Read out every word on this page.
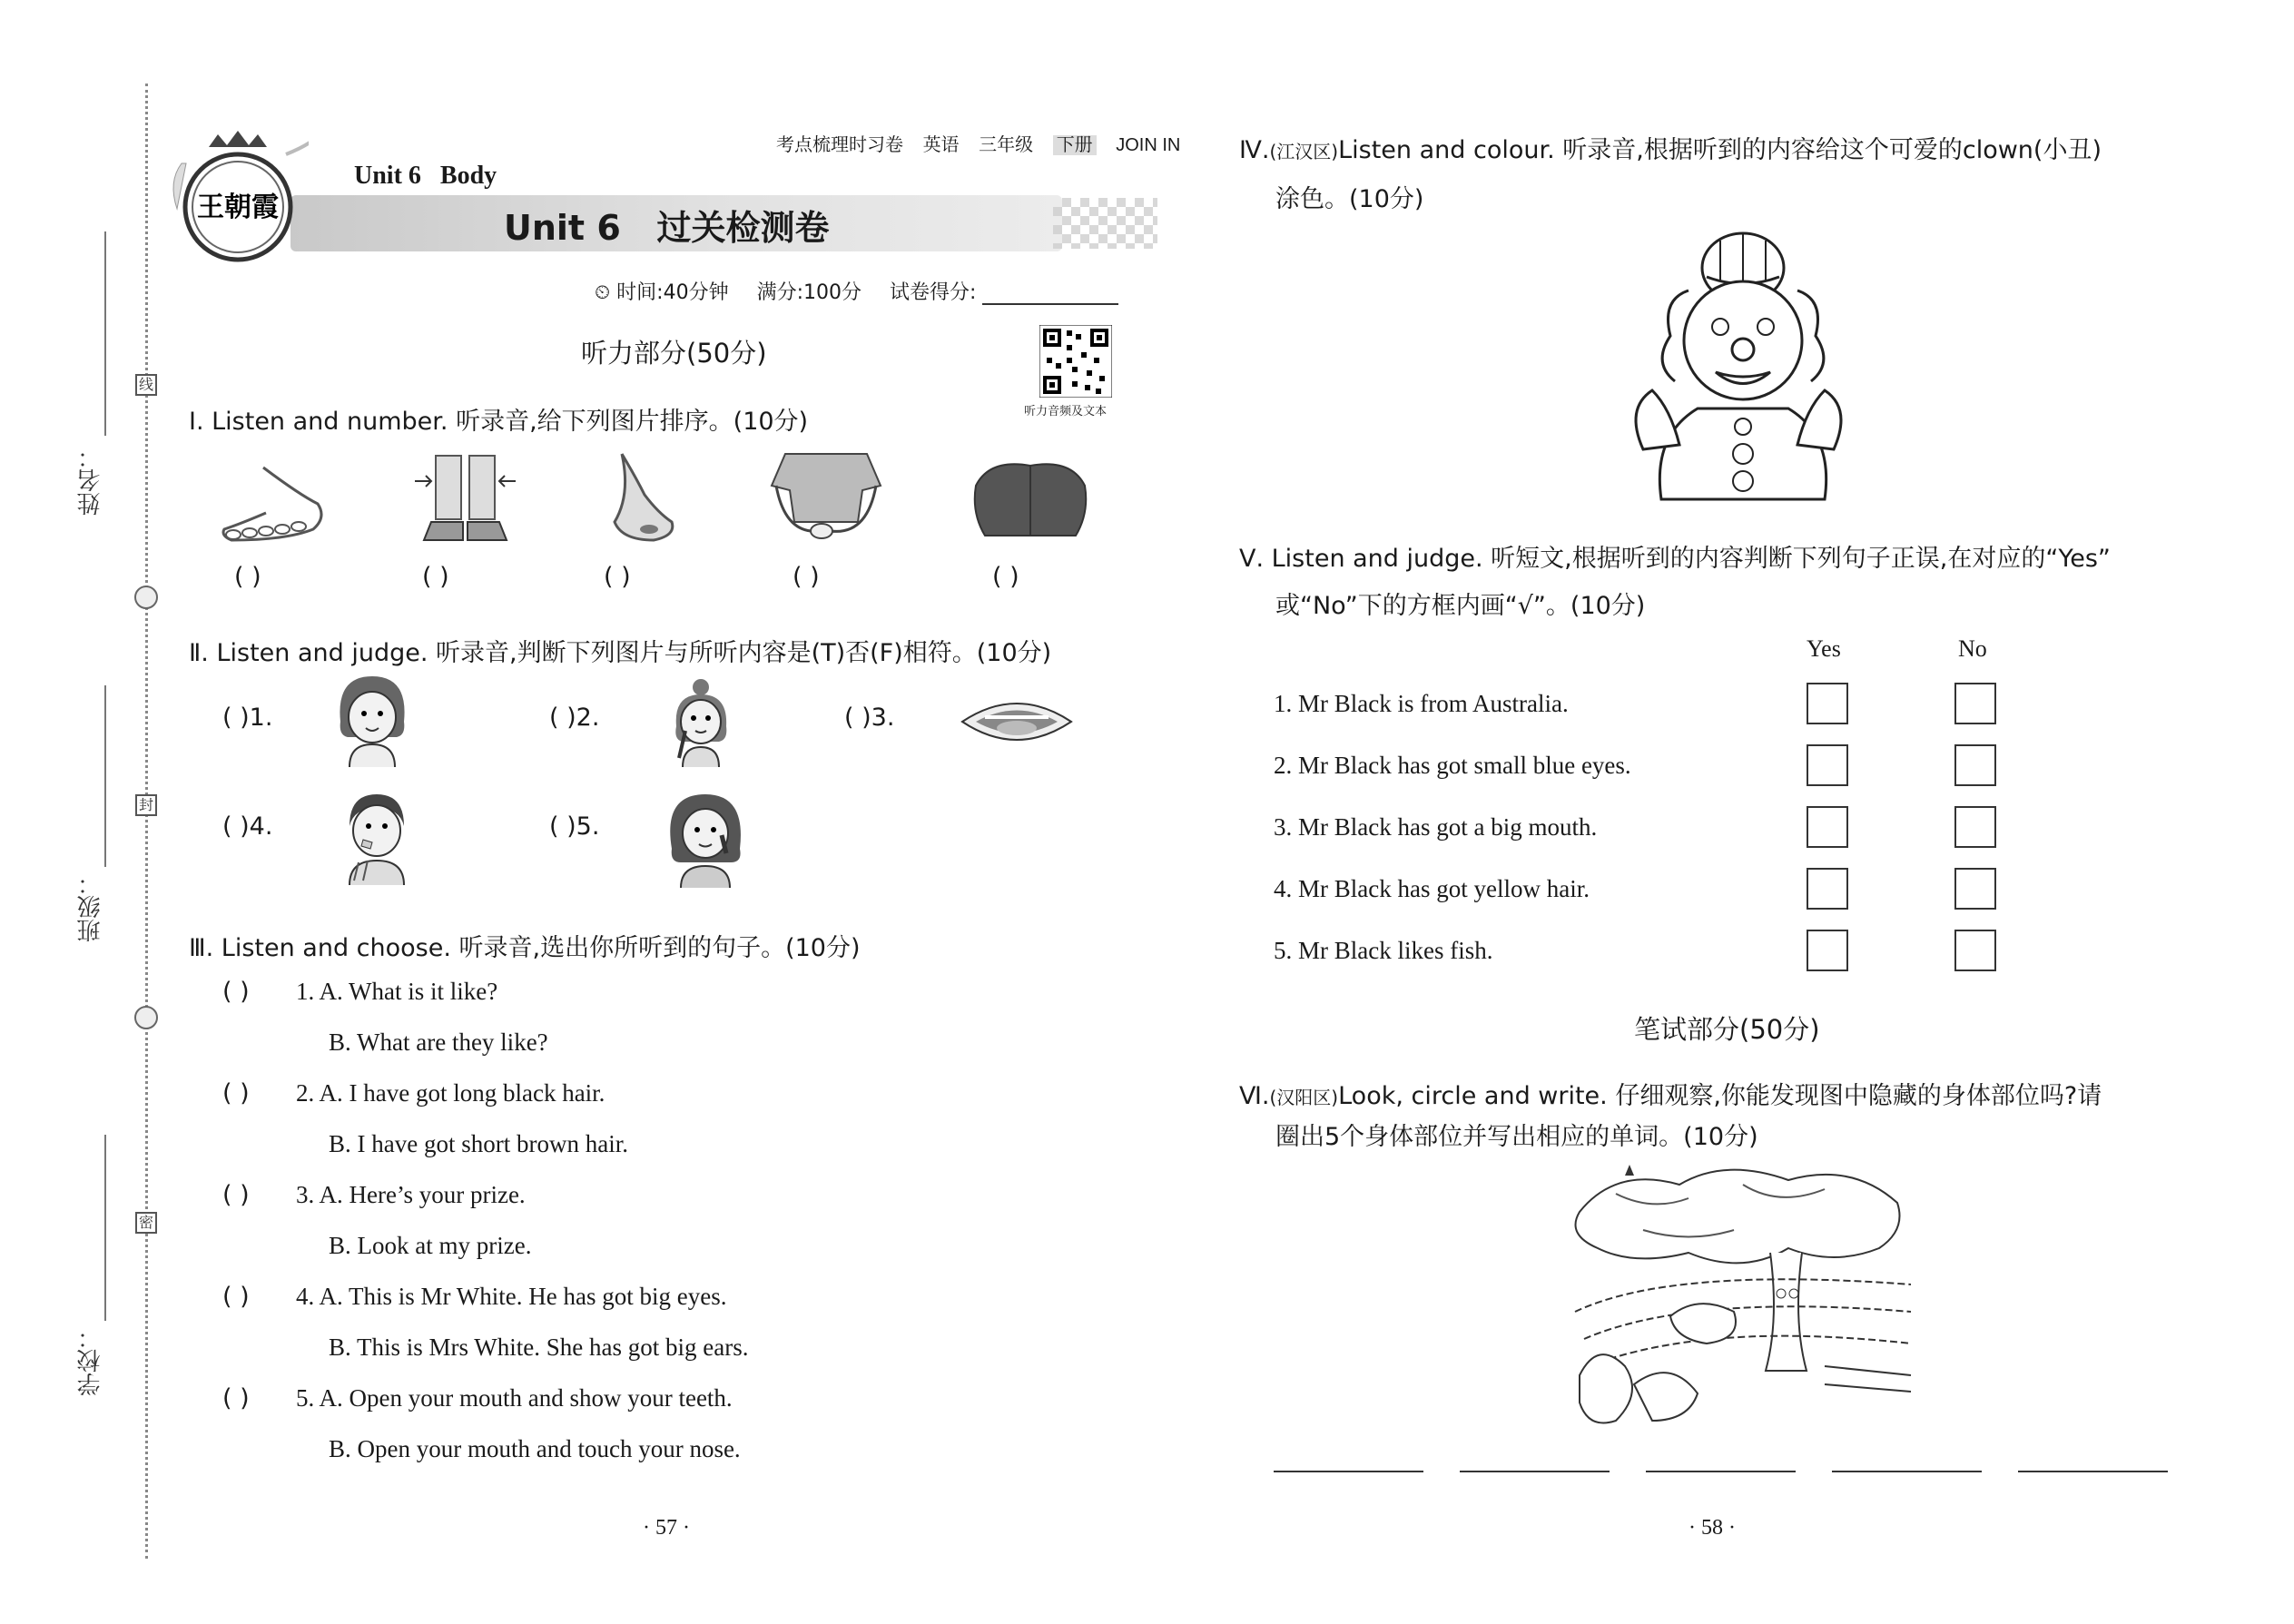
姓名：
班级：
学校：
线
封
密
王朝霞
考点梳理时习卷 英语 三年级 下册 JOIN IN
Unit 6   Body
Unit 6   过关检测卷
⏲ 时间:40分钟 满分:100分 试卷得分:
听力部分(50分)
听力音频及文本
Ⅰ. Listen and number. 听录音,给下列图片排序。(10分)
( )	( )	( )	( )	( )
Ⅱ. Listen and judge. 听录音,判断下列图片与所听内容是(T)否(F)相符。(10分)
( )1.	( )2.	( )3.
( )4.	( )5.
Ⅲ. Listen and choose. 听录音,选出你所听到的句子。(10分)
( ) 1. A. What is it like?
B. What are they like?
( ) 2. A. I have got long black hair.
B. I have got short brown hair.
( ) 3. A. Here’s your prize.
B. Look at my prize.
( ) 4. A. This is Mr White. He has got big eyes.
B. This is Mrs White. She has got big ears.
( ) 5. A. Open your mouth and show your teeth.
B. Open your mouth and touch your nose.
· 57 ·
Ⅳ.(江汉区)Listen and colour. 听录音,根据听到的内容给这个可爱的clown(小丑)
涂色。(10分)
Ⅴ. Listen and judge. 听短文,根据听到的内容判断下列句子正误,在对应的“Yes”
或“No”下的方框内画“√”。(10分)
Yes	No
1. Mr Black is from Australia.
2. Mr Black has got small blue eyes.
3. Mr Black has got a big mouth.
4. Mr Black has got yellow hair.
5. Mr Black likes fish.
笔试部分(50分)
Ⅵ.(汉阳区)Look, circle and write. 仔细观察,你能发现图中隐藏的身体部位吗?请
圈出5个身体部位并写出相应的单词。(10分)
· 58 ·
